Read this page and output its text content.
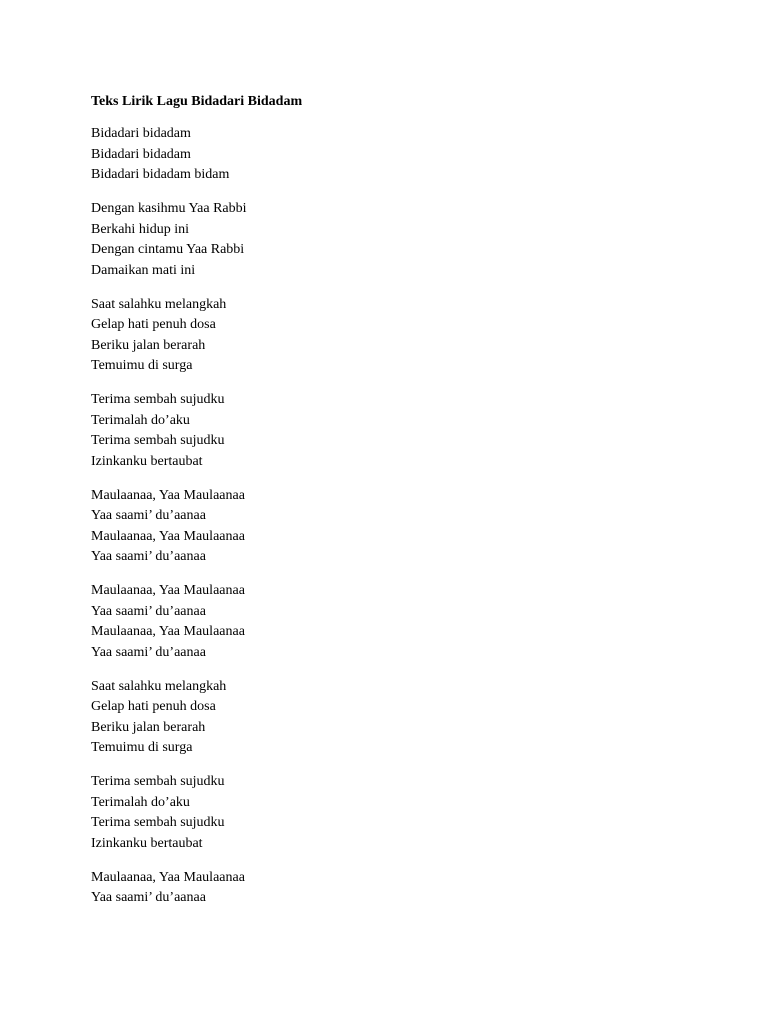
Teks Lirik Lagu Bidadari Bidadam
Bidadari bidadam
Bidadari bidadam
Bidadari bidadam bidam
Dengan kasihmu Yaa Rabbi
Berkahi hidup ini
Dengan cintamu Yaa Rabbi
Damaikan mati ini
Saat salahku melangkah
Gelap hati penuh dosa
Beriku jalan berarah
Temuimu di surga
Terima sembah sujudku
Terimalah do’aku
Terima sembah sujudku
Izinkanku bertaubat
Maulaanaa, Yaa Maulaanaa
Yaa saami’ du’aanaa
Maulaanaa, Yaa Maulaanaa
Yaa saami’ du’aanaa
Maulaanaa, Yaa Maulaanaa
Yaa saami’ du’aanaa
Maulaanaa, Yaa Maulaanaa
Yaa saami’ du’aanaa
Saat salahku melangkah
Gelap hati penuh dosa
Beriku jalan berarah
Temuimu di surga
Terima sembah sujudku
Terimalah do’aku
Terima sembah sujudku
Izinkanku bertaubat
Maulaanaa, Yaa Maulaanaa
Yaa saami’ du’aanaa
